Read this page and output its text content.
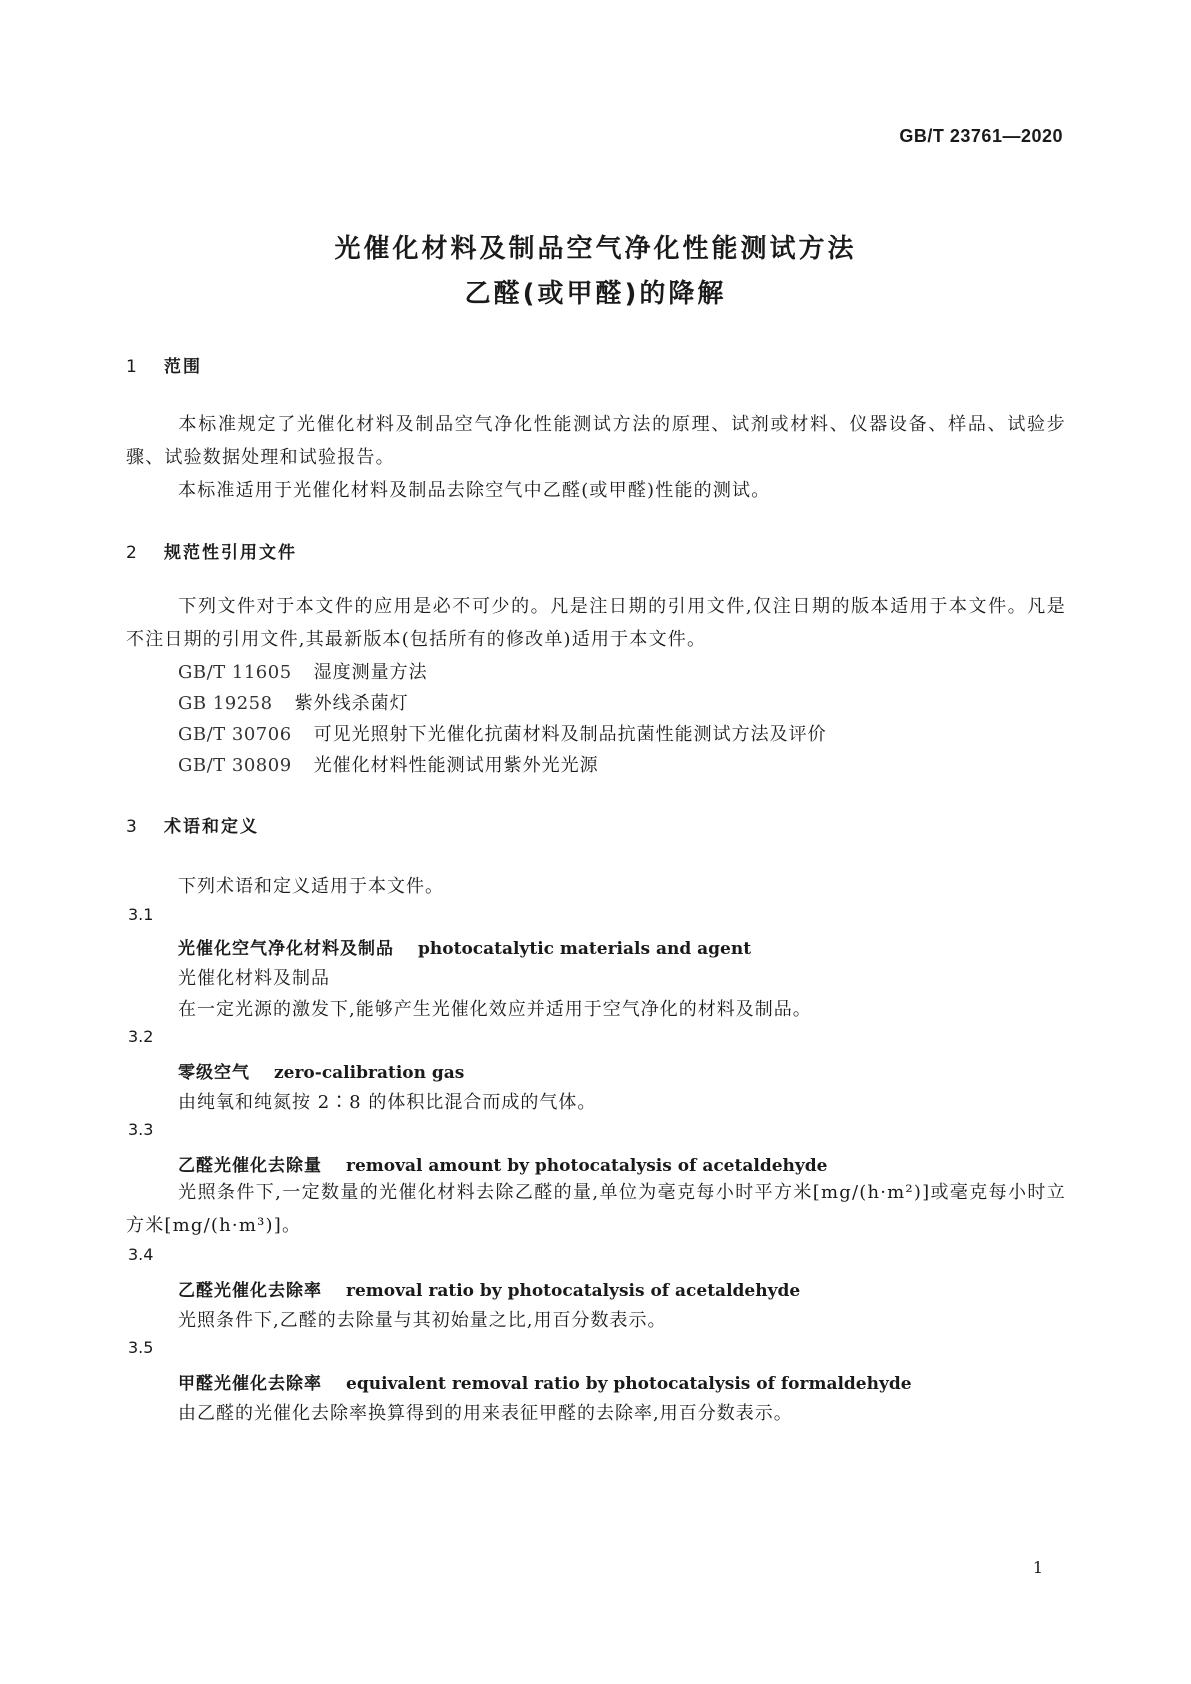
GB/T 23761—2020
光催化材料及制品空气净化性能测试方法
乙醛(或甲醛)的降解
1 范围
本标准规定了光催化材料及制品空气净化性能测试方法的原理、试剂或材料、仪器设备、样品、试验步骤、试验数据处理和试验报告。
本标准适用于光催化材料及制品去除空气中乙醛(或甲醛)性能的测试。
2 规范性引用文件
下列文件对于本文件的应用是必不可少的。凡是注日期的引用文件,仅注日期的版本适用于本文件。凡是不注日期的引用文件,其最新版本(包括所有的修改单)适用于本文件。
GB/T 11605 湿度测量方法
GB 19258 紫外线杀菌灯
GB/T 30706 可见光照射下光催化抗菌材料及制品抗菌性能测试方法及评价
GB/T 30809 光催化材料性能测试用紫外光光源
3 术语和定义
下列术语和定义适用于本文件。
3.1
光催化空气净化材料及制品 photocatalytic materials and agent
光催化材料及制品
在一定光源的激发下,能够产生光催化效应并适用于空气净化的材料及制品。
3.2
零级空气 zero-calibration gas
由纯氧和纯氮按 2∶8 的体积比混合而成的气体。
3.3
乙醛光催化去除量 removal amount by photocatalysis of acetaldehyde
光照条件下,一定数量的光催化材料去除乙醛的量,单位为毫克每小时平方米[mg/(h·m²)]或毫克每小时立方米[mg/(h·m³)]。
3.4
乙醛光催化去除率 removal ratio by photocatalysis of acetaldehyde
光照条件下,乙醛的去除量与其初始量之比,用百分数表示。
3.5
甲醛光催化去除率 equivalent removal ratio by photocatalysis of formaldehyde
由乙醛的光催化去除率换算得到的用来表征甲醛的去除率,用百分数表示。
1
